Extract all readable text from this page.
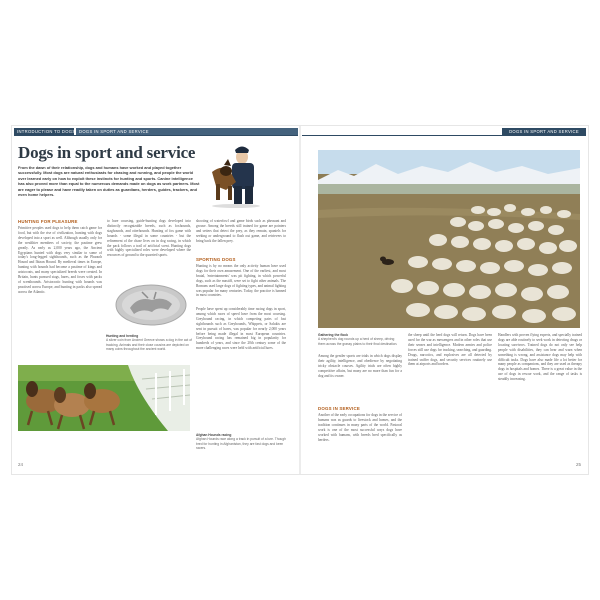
INTRODUCTION TO DOGS DOGS IN SPORT AND SERVICE	DOGS IN SPORT AND SERVICE
Dogs in sport and service

From the dawn of their relationship, dogs and humans have worked and played together successfully. Most dogs are natural enthusiasts for chasing and running, and people the world over learned early on how to exploit these instincts for hunting and sports. Canine intelligence has also proved more than equal to the numerous demands made on dogs as work partners. Most are eager to please and have readily taken on duties as guardians, herders, guides, trackers, and even home helpers.

HUNTING FOR PLEASURE

Primitive peoples used dogs to help them catch game for food, but with the rise of civilization, hunting with dogs developed into a sport as well. Although usually only for the wealthier members of society, the pastime grew greatly. As early as 2,000 years ago, the Ancient Egyptians hunted with dogs very similar to some of today's long-legged sighthounds, such as the Pharaoh Hound and Ibizan Hound. By medieval times in Europe, hunting with hounds had become a pastime of kings and aristocrats, and many specialized breeds were created. In Britain, hunts pursued stags, hares, and foxes with packs of scenthounds. Aristocratic hunting with hounds was practised across Europe, and hunting in packs also spread across the Atlantic.

to hare coursing, guide-hunting dogs developed into distinctly recognizable breeds, such as foxhounds, staghounds, and otterhounds. Hunting of fox game with hounds - some illegal in some countries - but the refinement of the chase lives on in dog racing, in which the pack follows a trail of artificial scent. Hunting dogs with highly specialized roles were developed where the resources of ground to the quarried sports.

shooting of waterfowl and game birds such as pheasant and grouse. Among the breeds still trained for game are pointers and setters that detect the prey, as they remain, spaniels for seeking or underground to flush out game, and retrievers to bring back the fallen prey.

SPORTING DOGS

Hunting is by no means the only activity human have used dogs for their own amusement. One of the earliest, and most brutal, 'entertainments' was pit fighting, in which powerful dogs, such as the mastiff, were set to fight other animals. The Romans used large dogs of fighting types, and animal fighting was popular for many centuries. Today, the practice is banned in most countries.

People have spent up considerably time racing dogs in sport, among which races of speed have from the most coursing. Greyhound racing, in which competing pairs of fast sighthounds such as Greyhounds, Whippets, or Salukis are sent in pursuit of hares, was popular for nearly 2,000 years before being made illegal in most European countries. Greyhound racing has remained big in popularity for hundreds of years, and since the 20th century some of the more challenging races were held with artificial lures.

Hunting and herding
A silver coin from Ancient Greece shows a dog in the act of tracking. Animals and their close cousins are depicted on many coins throughout the ancient world.

Gathering the flock
A shepherd's dog rounds up a herd of sheep, driving them across the grassy plains to their final destination.

Among the gentler sports are trials in which dogs display their agility, intelligence, and obedience by negotiating tricky obstacle courses. Agility trials are often highly competitive affairs, but many are no more than fun for a dog and its owner.

DOGS IN SERVICE

Another of the early occupations for dogs in the service of humans was as guards to livestock and homes, and the tradition continues in many parts of the world. Pastoral work is one of the most successful ways dogs have worked with humans, with breeds bred specifically as herders.

the sheep until the herd dogs will return. Dogs have been used for the war as messengers and in other roles that use their senses and intelligence. Modern armies and police forces still use dogs for tracking, searching, and guarding. Drugs, narcotics, and explosives are all detected by trained sniffer dogs, and security services routinely use them at airports and borders.

Handlers with proven flying experts, and specially trained dogs are able routinely to seek work in detecting drugs or locating survivors. Trained dogs do not only see help people with disabilities, they can hear and warn when something is wrong, and assistance dogs may help with difficult tasks. Dogs have also made life a lot better for many people as companions, and they are used as therapy dogs in hospitals and homes. There is a great value in the use of dogs in rescue work, and the range of tasks is steadily increasing.

Afghan Hounds racing
Afghan Hounds race along a track in pursuit of a lure. Though bred for hunting in Afghanistan, they are fast dogs and keen racers.

24	25
